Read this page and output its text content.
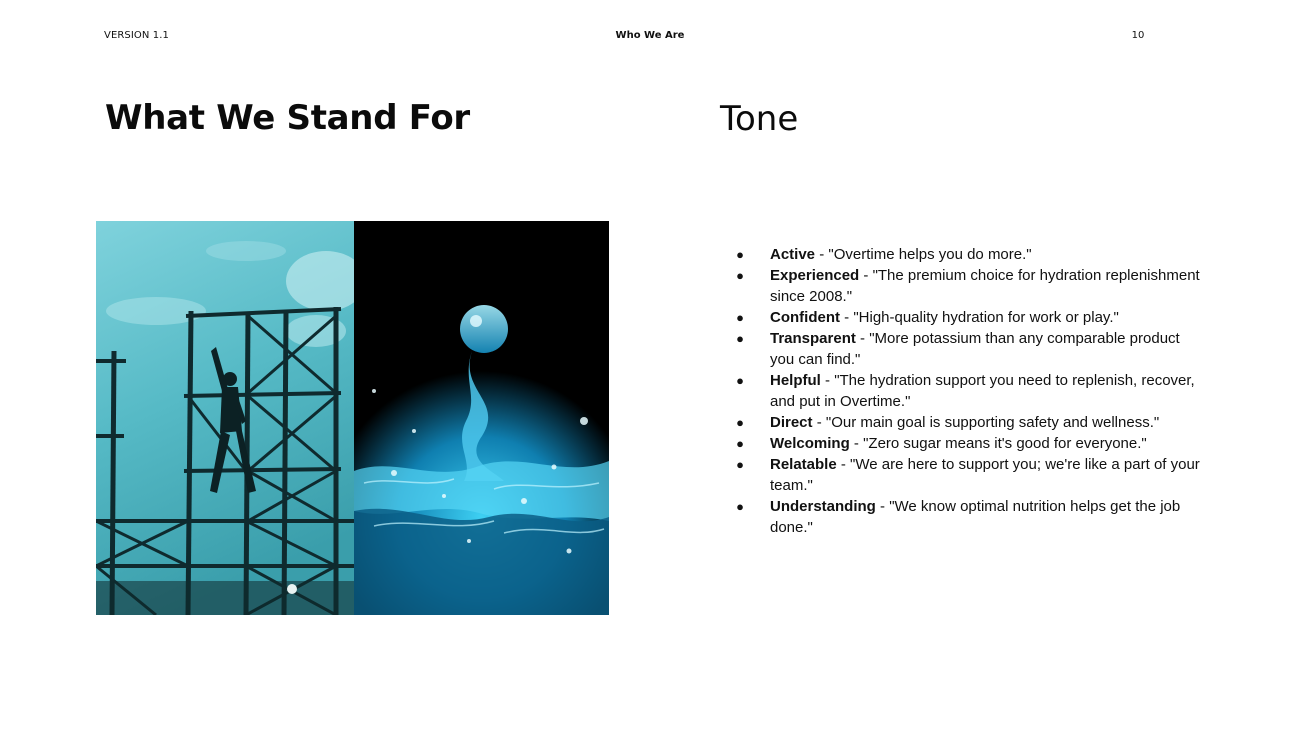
VERSION 1.1	Who We Are	10
What We Stand For	Tone
● Active - "Overtime helps you do more."
● Experienced - "The premium choice for hydration replenishment since 2008."
● Confident - "High-quality hydration for work or play."
● Transparent - "More potassium than any comparable product you can find."
● Helpful - "The hydration support you need to replenish, recover, and put in Overtime."
● Direct - "Our main goal is supporting safety and wellness."
● Welcoming - "Zero sugar means it's good for everyone."
● Relatable - "We are here to support you; we're like a part of your team."
● Understanding - "We know optimal nutrition helps get the job done."
